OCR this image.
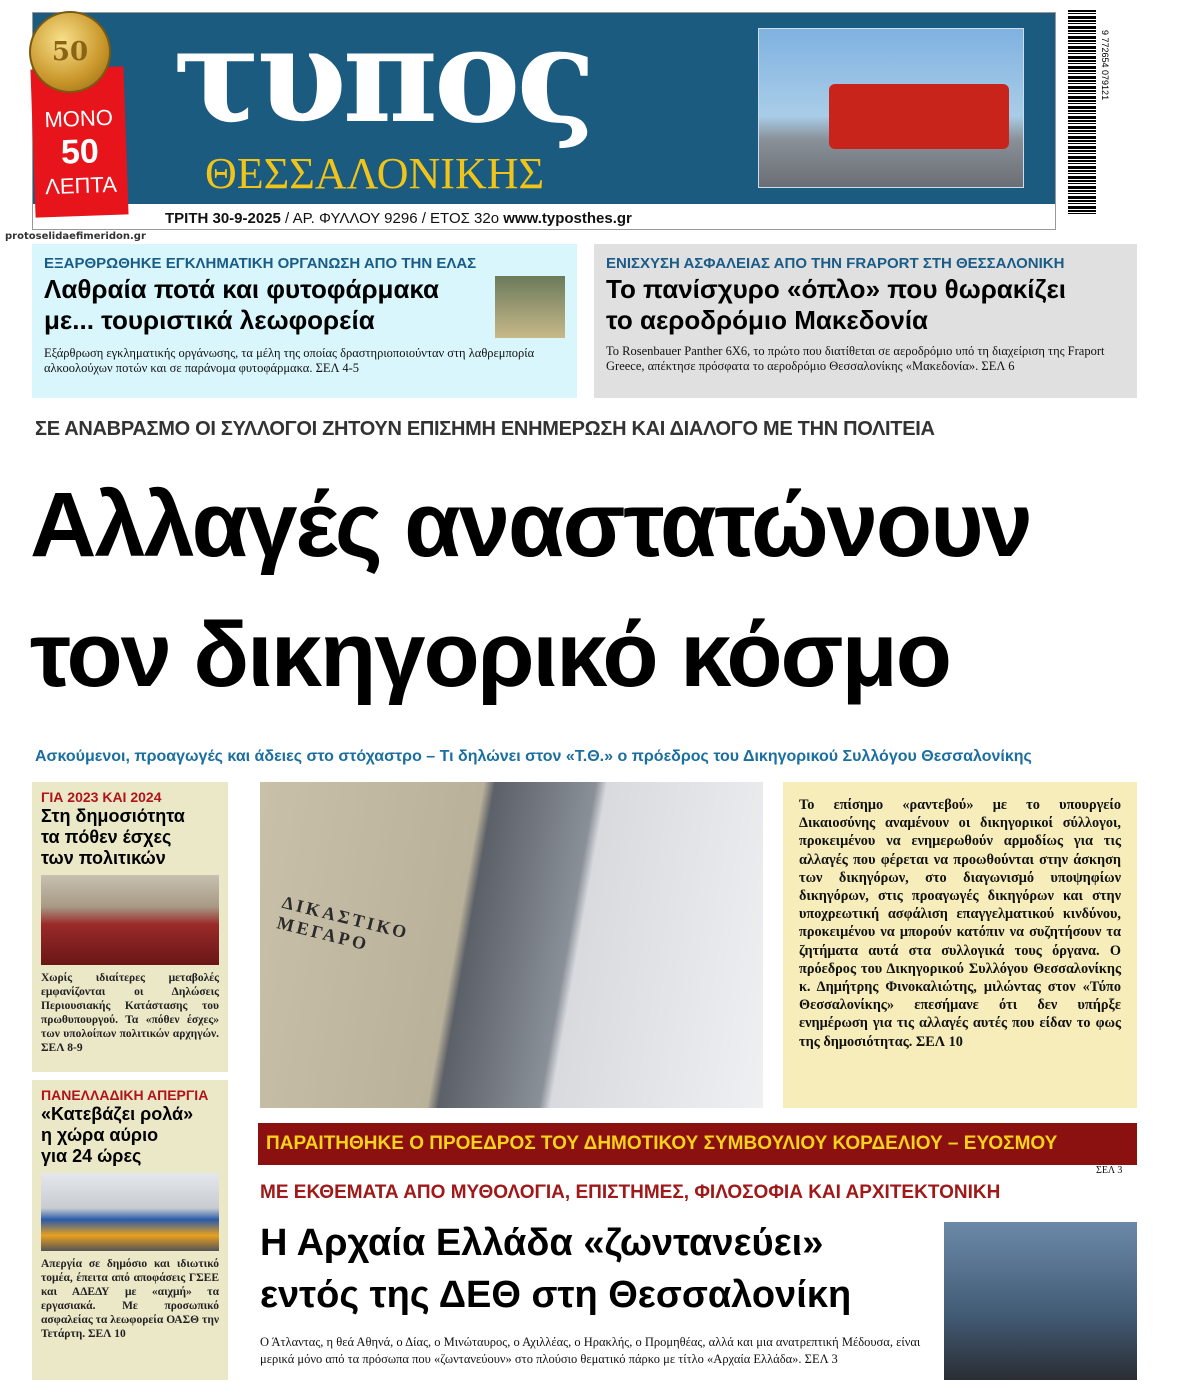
τυπος
ΘΕΣΣΑΛΟΝΙΚΗΣ
50
ΜΟΝΟ
50
ΛΕΠΤΑ
ΤΡΙΤΗ 30-9-2025 / ΑΡ. ΦΥΛΛΟΥ 9296 / ΕΤΟΣ 32ο www.typosthes.gr
9 772654 079121
protoselidaefimeridon.gr
ΕΞΑΡΘΡΩΘΗΚΕ ΕΓΚΛΗΜΑΤΙΚΗ ΟΡΓΑΝΩΣΗ ΑΠΟ ΤΗΝ ΕΛΑΣ
Λαθραία ποτά και φυτοφάρμακα
με... τουριστικά λεωφορεία
Εξάρθρωση εγκληματικής οργάνωσης, τα μέλη της οποίας δραστηριοποιούνταν στη λαθρεμπορία αλκοολούχων ποτών και σε παράνομα φυτοφάρμακα. ΣΕΛ 4-5
ΕΝΙΣΧΥΣΗ ΑΣΦΑΛΕΙΑΣ ΑΠΟ ΤΗΝ FRAPORT ΣΤΗ ΘΕΣΣΑΛΟΝΙΚΗ
Το πανίσχυρο «όπλο» που θωρακίζει
το αεροδρόμιο Μακεδονία
Το Rosenbauer Panther 6X6, το πρώτο που διατίθεται σε αεροδρόμιο υπό τη διαχείριση της Fraport Greece, απέκτησε πρόσφατα το αεροδρόμιο Θεσσαλονίκης «Μακεδονία». ΣΕΛ 6
ΣΕ ΑΝΑΒΡΑΣΜΟ ΟΙ ΣΥΛΛΟΓΟΙ ΖΗΤΟΥΝ ΕΠΙΣΗΜΗ ΕΝΗΜΕΡΩΣΗ ΚΑΙ ΔΙΑΛΟΓΟ ΜΕ ΤΗΝ ΠΟΛΙΤΕΙΑ
Αλλαγές αναστατώνουν
τον δικηγορικό κόσμο
Ασκούμενοι, προαγωγές και άδειες στο στόχαστρο – Τι δηλώνει στον «Τ.Θ.» ο πρόεδρος του Δικηγορικού Συλλόγου Θεσσαλονίκης
ΓΙΑ 2023 ΚΑΙ 2024
Στη δημοσιότητα
τα πόθεν έσχες
των πολιτικών
Χωρίς ιδιαίτερες μεταβολές εμφανίζονται οι Δηλώσεις Περιουσιακής Κατάστασης του πρωθυπουργού. Τα «πόθεν έσχες» των υπολοίπων πολιτικών αρχηγών. ΣΕΛ 8-9
ΠΑΝΕΛΛΑΔΙΚΗ ΑΠΕΡΓΙΑ
«Κατεβάζει ρολά»
η χώρα αύριο
για 24 ώρες
Απεργία σε δημόσιο και ιδιωτικό τομέα, έπειτα από αποφάσεις ΓΣΕΕ και ΑΔΕΔΥ με «αιχμή» τα εργασιακά. Με προσωπικό ασφαλείας τα λεωφορεία ΟΑΣΘ την Τετάρτη. ΣΕΛ 10
ΔΙΚΑΣΤΙΚΟ ΜΕΓΑΡΟ
Το επίσημο «ραντεβού» με το υπουργείο Δικαιοσύνης αναμένουν οι δικηγορικοί σύλλογοι, προκειμένου να ενημερωθούν αρμοδίως για τις αλλαγές που φέρεται να προωθούνται στην άσκηση των δικηγόρων, στο διαγωνισμό υποψηφίων δικηγόρων, στις προαγωγές δικηγόρων και στην υποχρεωτική ασφάλιση επαγγελματικού κινδύνου, προκειμένου να μπορούν κατόπιν να συζητήσουν τα ζητήματα αυτά στα συλλογικά τους όργανα. Ο πρόεδρος του Δικηγορικού Συλλόγου Θεσσαλονίκης κ. Δημήτρης Φινοκαλιώτης, μιλώντας στον «Τύπο Θεσσαλονίκης» επεσήμανε ότι δεν υπήρξε ενημέρωση για τις αλλαγές αυτές που είδαν το φως της δημοσιότητας. ΣΕΛ 10
ΠΑΡΑΙΤΗΘΗΚΕ Ο ΠΡΟΕΔΡΟΣ ΤΟΥ ΔΗΜΟΤΙΚΟΥ ΣΥΜΒΟΥΛΙΟΥ ΚΟΡΔΕΛΙΟΥ – ΕΥΟΣΜΟΥ
ΣΕΛ 3
ΜΕ ΕΚΘΕΜΑΤΑ ΑΠΟ ΜΥΘΟΛΟΓΙΑ, ΕΠΙΣΤΗΜΕΣ, ΦΙΛΟΣΟΦΙΑ ΚΑΙ ΑΡΧΙΤΕΚΤΟΝΙΚΗ
Η Αρχαία Ελλάδα «ζωντανεύει»
εντός της ΔΕΘ στη Θεσσαλονίκη
Ο Άτλαντας, η θεά Αθηνά, ο Δίας, ο Μινώταυρος, ο Αχιλλέας, ο Ηρακλής, ο Προμηθέας, αλλά και μια ανατρεπτική Μέδουσα, είναι μερικά μόνο από τα πρόσωπα που «ζωντανεύουν» στο πλούσιο θεματικό πάρκο με τίτλο «Αρχαία Ελλάδα». ΣΕΛ 3
